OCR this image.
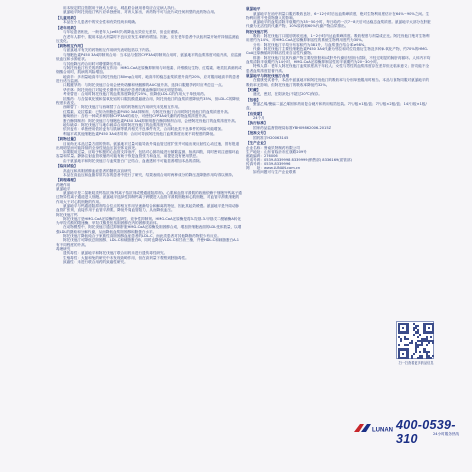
用本规定附注依据用于就人为单元，城乱联合就用者均应合定病人执行。
氨氯地平阿托伐他汀钙片应单独使用，对该人如出，该药物不可与此片或任何剂型的此药物合用。
【儿童用药】
本品在小儿患者中的安全性和有效性尚未明确。
【老年用药】
与年轻患者相比，一般老年人(≥65岁)的降血压效应无差异，但也应谨慎。
在老年人群中，服用本品大剂量时不良反应发生率稍有增加。因此，应在老年患者中从低剂量开始并持续监测血压变化。
【药物相互作用】
与氨氯地平有关的药物相互作用研究表明包括以下内容。
与细胞色素P450 3A4抑制剂合用：当本品与强效CYP3A4抑制剂合用时，氨氯地平的血浆浓度可能升高，应监测低血压和水肿症状。
与其他降压药合用时可增强降压作用。
与阿托伐他汀有关的药物相互作用：HMG-CoA还原酶抑制剂与环孢素、纤维酸衍生物、红霉素、唑类抗真菌药或烟酸合用时，肌病的风险增加。
地高辛：多剂量地高辛与阿托伐他汀80mg合用时，地高辛的稳态血浆浓度升高约20%，应对服用地高辛的患者进行适当监测。
口服避孕药：与阿托伐他汀合用会使炔诺酮和炔雌醇的AUC值升高，选择口服避孕药时应考虑这一点。
华法林：阿托伐他汀对接受长期华法林治疗患者的凝血酶原时间无明显影响。
考来替泊：合用时阿托伐他汀的血浆浓度降低约25%，但降低LDL-C的作用大于单独用药。
抗酸药：与含氢氧化镁和氢氧化铝的口服抗酸混悬液合用，阿托伐他汀的血浆浓度降低约35%，但LDL-C的降低程度未改变。
西咪替丁：阿托伐他汀与西咪替丁合用的药物相互作用研究未见相互作用。
红霉素、克拉霉素：已知为细胞色素P450 3A4抑制剂，与阿托伐他汀合用时阿托伐他汀的血浆浓度升高。
葡萄柚汁：含有一种或多种抑制CYP3A4的成分，可使经CYP3A4代谢的药物血浆浓度升高。
蛋白酶抑制剂：阿托伐他汀与细胞色素P450 3A4抑制剂蛋白酶抑制剂合用，会使阿托伐他汀的血浆浓度升高。
地尔硫卓：阿托伐他汀与地尔硫卓合用时阿托伐他汀的血浆浓度升高。
依折麦布：单独使用依折麦布与肌病等肌肉相关不良事件有关，合用时此类不良事件的风险可能增加。
利福平或其他细胞色素P450 3A4诱导剂：合用可导致阿托伐他汀血浆浓度出现不同程度的降低。
【药物过量】
目前尚无本品过量方面的资料。氨氯地平过量可能导致外周血管过度扩张并可能出现反射性心动过速，曾有报道出现明显而可能持续的全身性低血压甚至休克致死。
如果服用过量，应给予积极的心血管支持治疗，包括对心肺功能进行频繁监测、抬高四肢，同时密切注意循环血容量和尿量。静脉注射血管收缩药可能有助于恢复血管张力和血压，前提是没有使用禁忌。
由于氨氯地平和阿托伐他汀与血浆蛋白广泛结合，血液透析不可能显著增加本品的清除。
【临床试验】
高血压和高胆固醇血症患者的随机双盲研究
本品在高血压和血脂异常共存的患者中进行了研究，结果表明合用时两种成分的降压及降脂作用均得以保持。
【药理毒理】
药理作用
氨氯地平
氨氯地平是二氢吡啶类钙拮抗剂(钙离子拮抗剂或慢通道阻滞剂)。心肌和血管平滑肌的收缩依赖于细胞外钙离子通过特异性离子通道进入细胞。氨氯地平选择性抑制钙离子跨膜进入血管平滑肌细胞和心肌细胞，对血管平滑肌细胞的作用大于对心肌细胞的作用。
氨氯地平与钙通道阻滞剂结合位点的相互作用呈逐渐结合和解离的特征，因此其起效缓慢。氨氯地平是外周动脉血管扩张剂，直接作用于血管平滑肌，降低外周血管阻力，从而降低血压。
阿托伐他汀钙
阿托伐他汀是HMG-CoA还原酶的选择性、竞争性抑制剂。HMG-CoA还原酶是将3-羟基-3-甲基戊二酰辅酶A转化为甲羟戊酸的限速酶，甲羟戊酸是包括胆固醇在内的固醇类前体。
在动物模型中，阿托伐他汀通过抑制肝脏HMG-CoA还原酶及胆固醇合成，增加肝细胞表面的LDL受体数量，以增强LDL的摄取和分解代谢，从而降低血浆胆固醇和脂蛋白水平。
阿托伐他汀降低纯合子家族性高胆固醇血症患者的LDL-C，而此类患者对其他降脂药物很少有反应。
阿托伐他汀可降低总胆固醇、LDL-C和载脂蛋白B，同时也降低VLDL-C和甘油三酯，并使HDL-C和载脂蛋白A-1有不同程度的升高。
毒理研究
遗传毒性：氨氯地平和阿托伐他汀联合用药未进行遗传毒性研究。
生殖毒性：大鼠和兔的研究中未发现致畸作用，但在高剂量下观察到胚胎毒性。
致癌性：未进行联合用药的致癌性研究。
氨氯地平
氨氯地平在治疗剂量口服后吸收良好，6~12小时后达血浆峰浓度，绝对生物利用度估计在64%~90%之间。生物利用度不受食物摄入的影响。
氨氯地平的血浆清除半衰期约为35~50小时，每日给药一次7~8天后可达稳态血浆浓度。氨氯地平大部分在肝脏代谢为无活性的代谢产物，10%原药和60%代谢产物由尿排出。
阿托伐他汀钙
吸收：阿托伐他汀口服后吸收迅速，1~2小时内达血浆峰浓度。吸收程度与剂量成正比。阿托伐他汀绝对生物利用度约为14%，对HMG-CoA还原酶抑制活性的系统生物利用度约为30%。
分布：阿托伐他汀平均分布容积约为381升，与血浆蛋白结合率≥98%。
代谢：阿托伐他汀主要经细胞色素P450 3A4代谢为邻位和对位羟基衍生物及多种β-氧化产物，约70%的HMG-CoA还原酶循环抑制活性来自活性代谢物。
排泄：阿托伐他汀及其代谢产物主要经肝脏和/或肝外代谢后经胆汁清除，不经过明显的肠肝再循环。人体内平均血浆清除半衰期约为14小时，HMG-CoA还原酶抑制活性的半衰期约为20~30小时。
特殊人群：老年人阿托伐他汀血浆浓度高于年轻人；女性与男性的血浆浓度存在差异但无临床意义；肝功能不全患者血浆浓度显著升高。
氨氯地平与阿托伐他汀合用
在健康受试者中，本品中氨氯地平和阿托伐他汀的吸收率与分别单独服用时相当。本品与食物同服对氨氯地平的吸收率无影响，但阿托伐他汀的吸收率降低约32%。
【贮藏】
遮光，密封，在阴凉处(不超过20℃)保存。
【包装】
聚氯乙烯/聚偏二氯乙烯固体药用复合硬片和药用铝箔包装。7片/板×1板/盒；7片/板×2板/盒；14片/板×1板/盒。
【有效期】
24个月
【执行标准】
国家药品监督管理局标准YBH09862006-2015Z
【批准文号】
国药准字H20063145
【生产企业】
企业名称：鲁南贝特制药有限公司
生产地址：山东省临沂市红旗路209号
邮政编码：276006
电话号码：0539-8339998 8339999(销售部) 8336169(质管部)
传真号码：0539-8339996
网　　址：www.LUNAN.com.cn
如有问题可与生产企业联系
扫一扫查看更多药品信息
LUNAN 400-0539-310	24小时服务热线
